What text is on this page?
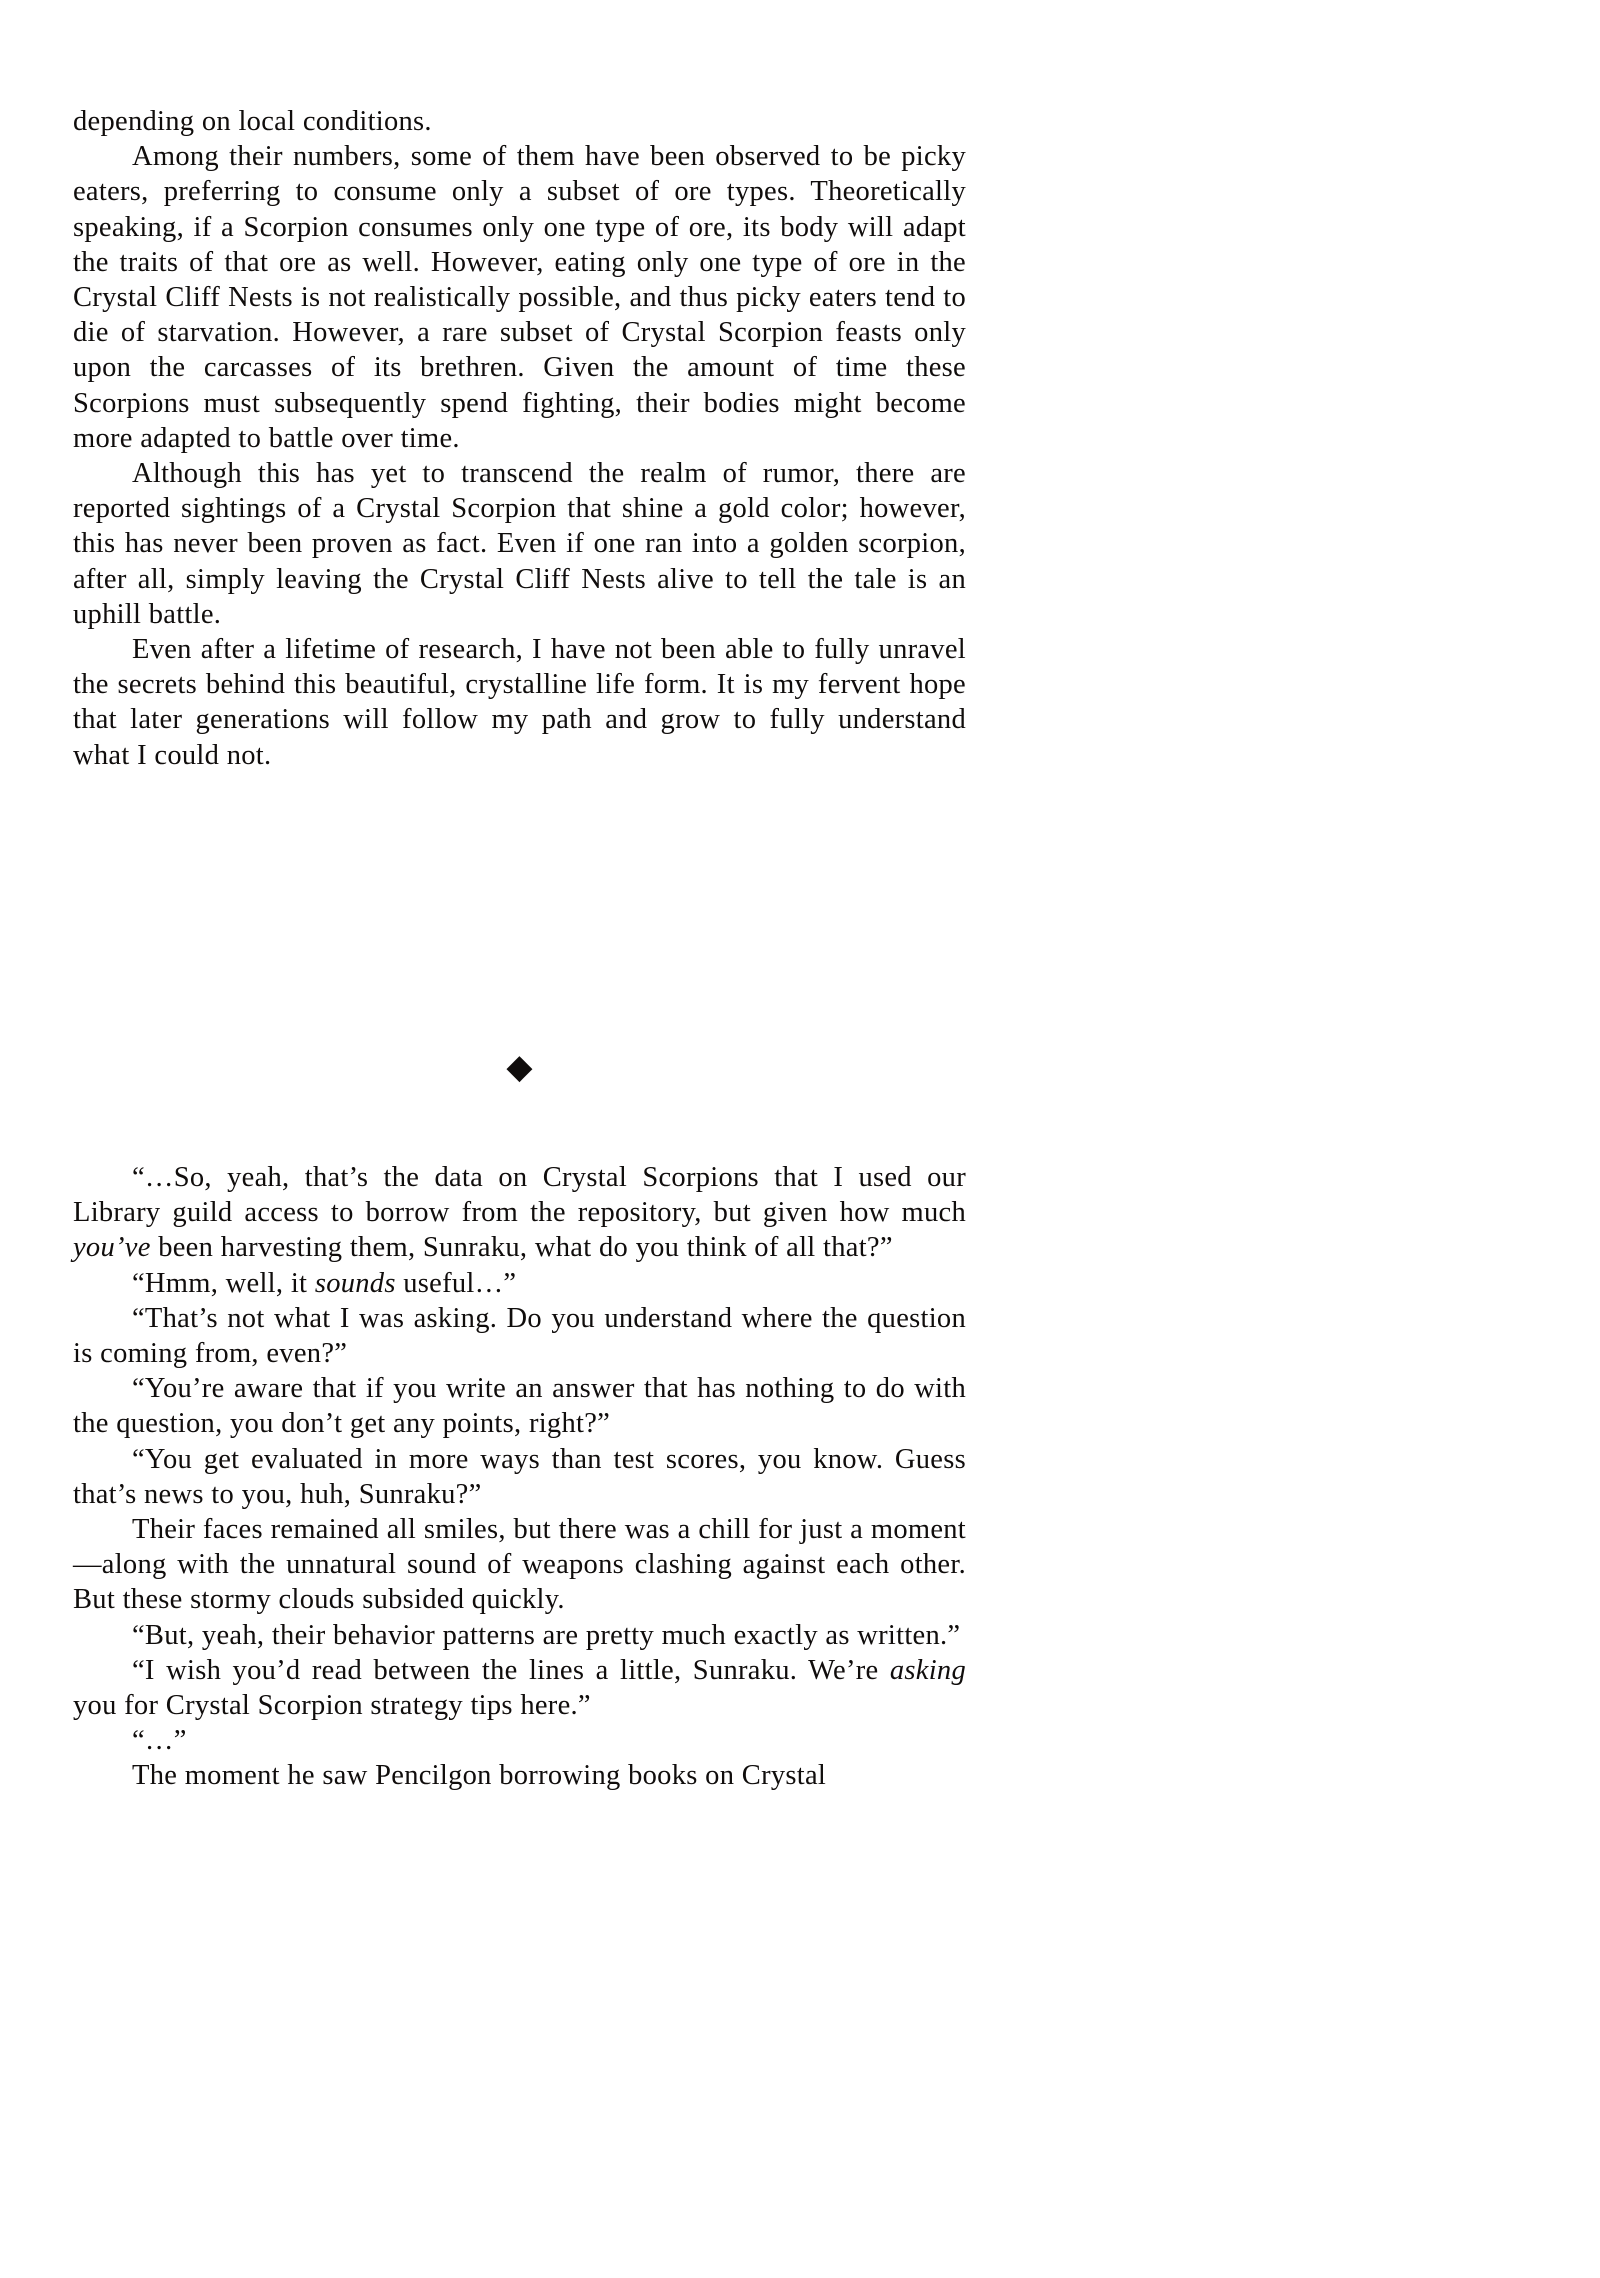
depending on local conditions.

Among their numbers, some of them have been observed to be picky eaters, preferring to consume only a subset of ore types. Theoretically speaking, if a Scorpion consumes only one type of ore, its body will adapt the traits of that ore as well. However, eating only one type of ore in the Crystal Cliff Nests is not realistically possible, and thus picky eaters tend to die of starvation. However, a rare subset of Crystal Scorpion feasts only upon the carcasses of its brethren. Given the amount of time these Scorpions must subsequently spend fighting, their bodies might become more adapted to battle over time.

Although this has yet to transcend the realm of rumor, there are reported sightings of a Crystal Scorpion that shine a gold color; however, this has never been proven as fact. Even if one ran into a golden scorpion, after all, simply leaving the Crystal Cliff Nests alive to tell the tale is an uphill battle.

Even after a lifetime of research, I have not been able to fully unravel the secrets behind this beautiful, crystalline life form. It is my fervent hope that later generations will follow my path and grow to fully understand what I could not.

◆

“…So, yeah, that’s the data on Crystal Scorpions that I used our Library guild access to borrow from the repository, but given how much you’ve been harvesting them, Sunraku, what do you think of all that?”

“Hmm, well, it sounds useful…”

“That’s not what I was asking. Do you understand where the question is coming from, even?”

“You’re aware that if you write an answer that has nothing to do with the question, you don’t get any points, right?”

“You get evaluated in more ways than test scores, you know. Guess that’s news to you, huh, Sunraku?”

Their faces remained all smiles, but there was a chill for just a moment—along with the unnatural sound of weapons clashing against each other. But these stormy clouds subsided quickly.

“But, yeah, their behavior patterns are pretty much exactly as written.”

“I wish you’d read between the lines a little, Sunraku. We’re asking you for Crystal Scorpion strategy tips here.”

“…”

The moment he saw Pencilgon borrowing books on Crystal
